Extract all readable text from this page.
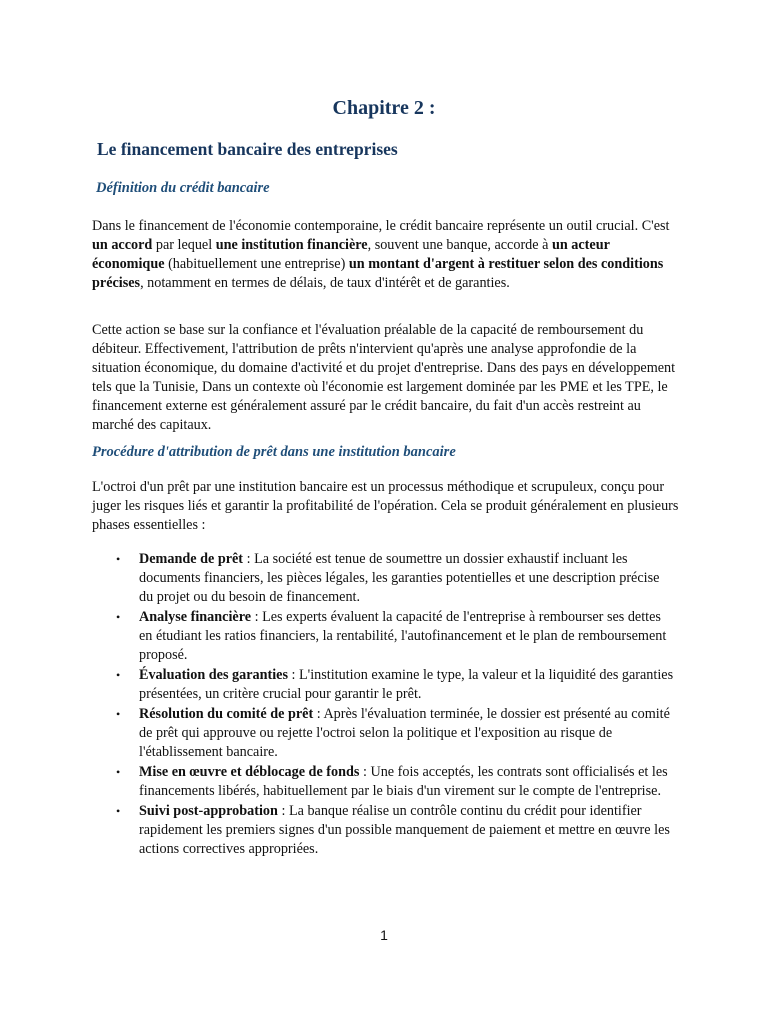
Chapitre 2 :
Le financement bancaire des entreprises
Définition du crédit bancaire

Dans le financement de l'économie contemporaine, le crédit bancaire représente un outil crucial. C'est un accord par lequel une institution financière, souvent une banque, accorde à un acteur économique (habituellement une entreprise) un montant d'argent à restituer selon des conditions précises, notamment en termes de délais, de taux d'intérêt et de garanties.

Cette action se base sur la confiance et l'évaluation préalable de la capacité de remboursement du débiteur. Effectivement, l'attribution de prêts n'intervient qu'après une analyse approfondie de la situation économique, du domaine d'activité et du projet d'entreprise. Dans des pays en développement tels que la Tunisie, Dans un contexte où l'économie est largement dominée par les PME et les TPE, le financement externe est généralement assuré par le crédit bancaire, du fait d'un accès restreint au marché des capitaux.

Procédure d'attribution de prêt dans une institution bancaire

L'octroi d'un prêt par une institution bancaire est un processus méthodique et scrupuleux, conçu pour juger les risques liés et garantir la profitabilité de l'opération. Cela se produit généralement en plusieurs phases essentielles :

• Demande de prêt : La société est tenue de soumettre un dossier exhaustif incluant les documents financiers, les pièces légales, les garanties potentielles et une description précise du projet ou du besoin de financement.
• Analyse financière : Les experts évaluent la capacité de l'entreprise à rembourser ses dettes en étudiant les ratios financiers, la rentabilité, l'autofinancement et le plan de remboursement proposé.
• Évaluation des garanties : L'institution examine le type, la valeur et la liquidité des garanties présentées, un critère crucial pour garantir le prêt.
• Résolution du comité de prêt : Après l'évaluation terminée, le dossier est présenté au comité de prêt qui approuve ou rejette l'octroi selon la politique et l'exposition au risque de l'établissement bancaire.
• Mise en œuvre et déblocage de fonds : Une fois acceptés, les contrats sont officialisés et les financements libérés, habituellement par le biais d'un virement sur le compte de l'entreprise.
• Suivi post-approbation : La banque réalise un contrôle continu du crédit pour identifier rapidement les premiers signes d'un possible manquement de paiement et mettre en œuvre les actions correctives appropriées.
1
